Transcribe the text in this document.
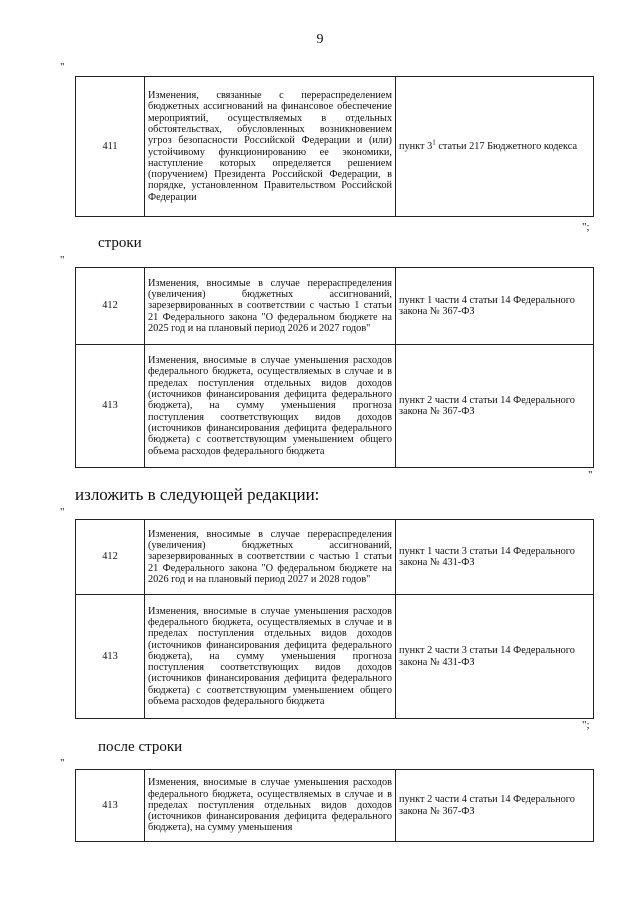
9
"
411	Изменения, связанные с перераспределением бюджетных ассигнований на финансовое обеспечение мероприятий, осуществляемых в отдельных обстоятельствах, обусловленных возникновением угроз безопасности Российской Федерации и (или) устойчивому функционированию ее экономики, наступление которых определяется решением (поручением) Президента Российской Федерации, в порядке, установленном Правительством Российской Федерации	пункт $3^1$ статьи 217 Бюджетного кодекса
";
строки
"
412	Изменения, вносимые в случае перераспределения (увеличения) бюджетных ассигнований, зарезервированных в соответствии с частью 1 статьи 21 Федерального закона "О федеральном бюджете на 2025 год и на плановый период 2026 и 2027 годов"	пункт 1 части 4 статьи 14 Федерального закона № 367-ФЗ
413	Изменения, вносимые в случае уменьшения расходов федерального бюджета, осуществляемых в случае и в пределах поступления отдельных видов доходов (источников финансирования дефицита федерального бюджета), на сумму уменьшения прогноза поступления соответствующих видов доходов (источников финансирования дефицита федерального бюджета) с соответствующим уменьшением общего объема расходов федерального бюджета	пункт 2 части 4 статьи 14 Федерального закона № 367-ФЗ
"
изложить в следующей редакции:
"
412	Изменения, вносимые в случае перераспределения (увеличения) бюджетных ассигнований, зарезервированных в соответствии с частью 1 статьи 21 Федерального закона "О федеральном бюджете на 2026 год и на плановый период 2027 и 2028 годов"	пункт 1 части 3 статьи 14 Федерального закона № 431-ФЗ
413	Изменения, вносимые в случае уменьшения расходов федерального бюджета, осуществляемых в случае и в пределах поступления отдельных видов доходов (источников финансирования дефицита федерального бюджета), на сумму уменьшения прогноза поступления соответствующих видов доходов (источников финансирования дефицита федерального бюджета) с соответствующим уменьшением общего объема расходов федерального бюджета	пункт 2 части 3 статьи 14 Федерального закона № 431-ФЗ
";
после строки
"
413	Изменения, вносимые в случае уменьшения расходов федерального бюджета, осуществляемых в случае и в пределах поступления отдельных видов доходов (источников финансирования дефицита федерального бюджета), на сумму уменьшения	пункт 2 части 4 статьи 14 Федерального закона № 367-ФЗ
